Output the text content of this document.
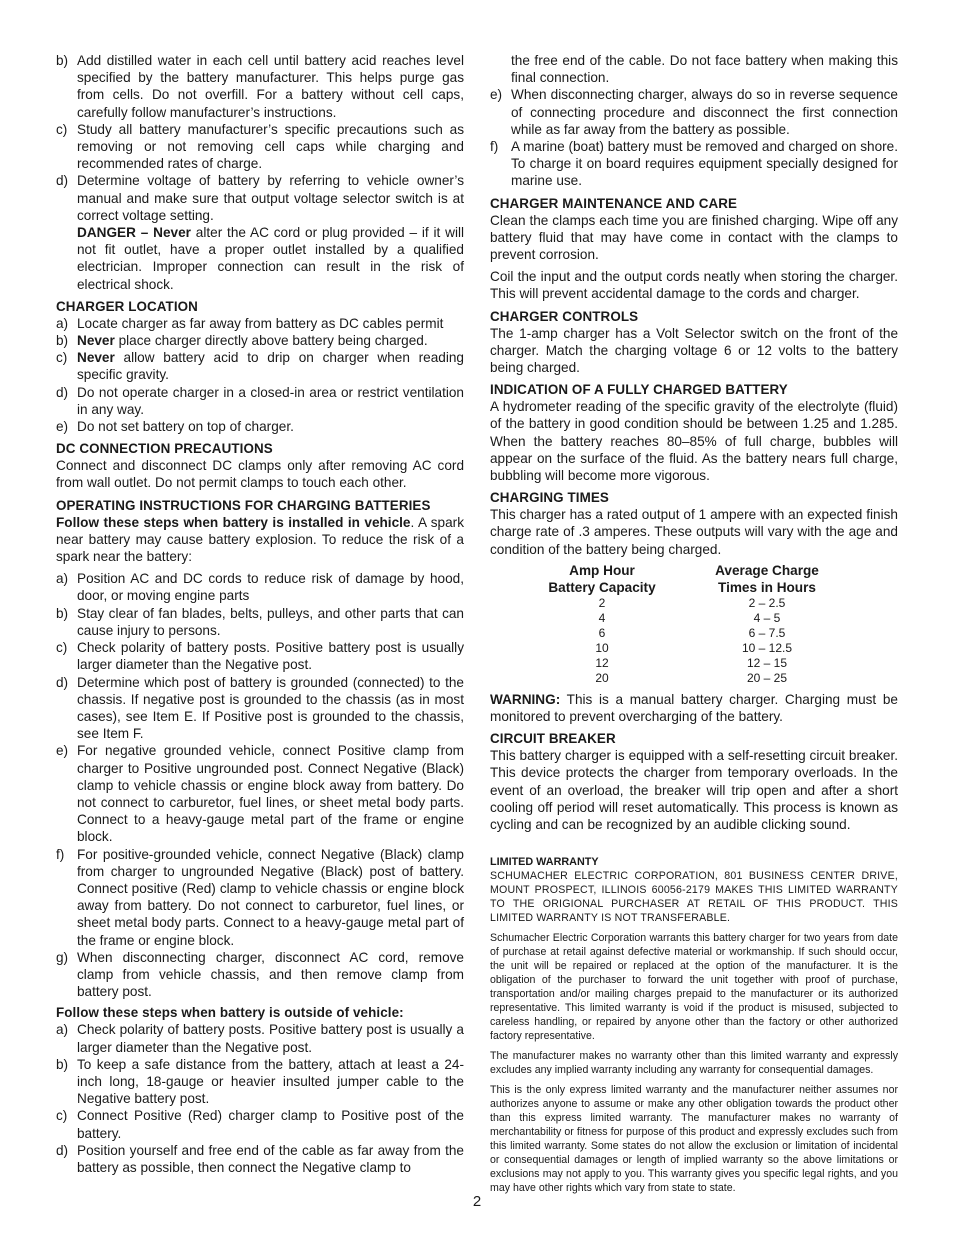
b) Add distilled water in each cell until battery acid reaches level specified by the battery manufacturer. This helps purge gas from cells. Do not overfill. For a battery without cell caps, carefully follow manufacturer’s instructions.
c) Study all battery manufacturer’s specific precautions such as removing or not removing cell caps while charging and recommended rates of charge.
d) Determine voltage of battery by referring to vehicle owner’s manual and make sure that output voltage selector switch is at correct voltage setting.

DANGER – Never alter the AC cord or plug provided – if it will not fit outlet, have a proper outlet installed by a qualified electrician. Improper connection can result in the risk of electrical shock.

CHARGER LOCATION
a) Locate charger as far away from battery as DC cables permit
b) Never place charger directly above battery being charged.
c) Never allow battery acid to drip on charger when reading specific gravity.
d) Do not operate charger in a closed-in area or restrict ventilation in any way.
e) Do not set battery on top of charger.
DC CONNECTION PRECAUTIONS

Connect and disconnect DC clamps only after removing AC cord from wall outlet. Do not permit clamps to touch each other.

OPERATING INSTRUCTIONS FOR CHARGING BATTERIES

Follow these steps when battery is installed in vehicle. A spark near battery may cause battery explosion. To reduce the risk of a spark near the battery:

a) Position AC and DC cords to reduce risk of damage by hood, door, or moving engine parts
b) Stay clear of fan blades, belts, pulleys, and other parts that can cause injury to persons.
c) Check polarity of battery posts. Positive battery post is usually larger diameter than the Negative post.
d) Determine which post of battery is grounded (connected) to the chassis. If negative post is grounded to the chassis (as in most cases), see Item E. If Positive post is grounded to the chassis, see Item F.
e) For negative grounded vehicle, connect Positive clamp from charger to Positive ungrounded post. Connect Negative (Black) clamp to vehicle chassis or engine block away from battery. Do not connect to carburetor, fuel lines, or sheet metal body parts. Connect to a heavy-gauge metal part of the frame or engine block.
f) For positive-grounded vehicle, connect Negative (Black) clamp from charger to ungrounded Negative (Black) post of battery. Connect positive (Red) clamp to vehicle chassis or engine block away from battery. Do not connect to carburetor, fuel lines, or sheet metal body parts. Connect to a heavy-gauge metal part of the frame or engine block.
g) When disconnecting charger, disconnect AC cord, remove clamp from vehicle chassis, and then remove clamp from battery post.
Follow these steps when battery is outside of vehicle:
a) Check polarity of battery posts. Positive battery post is usually a larger diameter than the Negative post.
b) To keep a safe distance from the battery, attach at least a 24-inch long, 18-gauge or heavier insulted jumper cable to the Negative battery post.
c) Connect Positive (Red) charger clamp to Positive post of the battery.
d) Position yourself and free end of the cable as far away from the battery as possible, then connect the Negative clamp to
the free end of the cable. Do not face battery when making this final connection.
e) When disconnecting charger, always do so in reverse sequence of connecting procedure and disconnect the first connection while as far away from the battery as possible.
f) A marine (boat) battery must be removed and charged on shore. To charge it on board requires equipment specially designed for marine use.
CHARGER MAINTENANCE AND CARE

Clean the clamps each time you are finished charging. Wipe off any battery fluid that may have come in contact with the clamps to prevent corrosion.

Coil the input and the output cords neatly when storing the charger. This will prevent accidental damage to the cords and charger.

CHARGER CONTROLS

The 1-amp charger has a Volt Selector switch on the front of the charger. Match the charging voltage 6 or 12 volts to the battery being charged.

INDICATION OF A FULLY CHARGED BATTERY

A hydrometer reading of the specific gravity of the electrolyte (fluid) of the battery in good condition should be between 1.25 and 1.285. When the battery reaches 80–85% of full charge, bubbles will appear on the surface of the fluid. As the battery nears full charge, bubbling will become more vigorous.

CHARGING TIMES

This charger has a rated output of 1 ampere with an expected finish charge rate of .3 amperes. These outputs will vary with the age and condition of the battery being charged.

Amp Hour	Average Charge
Battery Capacity	Times in Hours
2	2 – 2.5
4	4 – 5
6	6 – 7.5
10	10 – 12.5
12	12 – 15
20	20 – 25

WARNING: This is a manual battery charger. Charging must be monitored to prevent overcharging of the battery.

CIRCUIT BREAKER

This battery charger is equipped with a self-resetting circuit breaker. This device protects the charger from temporary overloads. In the event of an overload, the breaker will trip open and after a short cooling off period will reset automatically. This process is known as cycling and can be recognized by an audible clicking sound.

LIMITED WARRANTY

SCHUMACHER ELECTRIC CORPORATION, 801 BUSINESS CENTER DRIVE, MOUNT PROSPECT, ILLINOIS 60056-2179 MAKES THIS LIMITED WARRANTY TO THE ORIGIONAL PURCHASER AT RETAIL OF THIS PRODUCT. THIS LIMITED WARRANTY IS NOT TRANSFERABLE.

Schumacher Electric Corporation warrants this battery charger for two years from date of purchase at retail against defective material or workmanship. If such should occur, the unit will be repaired or replaced at the option of the manufacturer. It is the obligation of the purchaser to forward the unit together with proof of purchase, transportation and/or mailing charges prepaid to the manufacturer or its authorized representative. This limited warranty is void if the product is misused, subjected to careless handling, or repaired by anyone other than the factory or other authorized factory representative.

The manufacturer makes no warranty other than this limited warranty and expressly excludes any implied warranty including any warranty for consequential damages.

This is the only express limited warranty and the manufacturer neither assumes nor authorizes anyone to assume or make any other obligation towards the product other than this express limited warranty. The manufacturer makes no warranty of merchantability or fitness for purpose of this product and expressly excludes such from this limited warranty. Some states do not allow the exclusion or limitation of incidental or consequential damages or length of implied warranty so the above limitations or exclusions may not apply to you. This warranty gives you specific legal rights, and you may have other rights which vary from state to state.

2
